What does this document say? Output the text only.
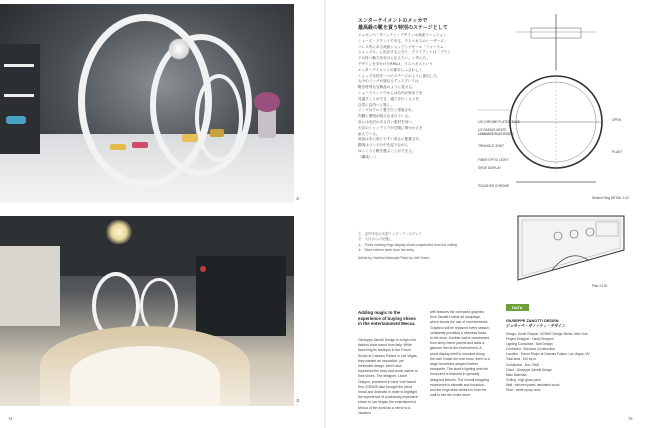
①
②
74
エンターテイメントのメッカで
最高級の靴を買う特別のステージとして
ジュゼッペ・ザノッティ・デザインは高級ファッション
シューズ・ブランドである。ラスベガスのシーザーズ・
パレス内にある高級ショッピングモール「フォーラム
ショップス」に出店するに当り、クライアントは「ブラン
ドの持つ魅力を存分に伝えたい」と考えた。
デザインを手がけたRPAは、ラスベガスという
エンターテイメントの都市にふさわしく、
ショップ全体を一つのステージのように演出した。
大小のリングが連なるディスプレイは、
靴を特別な宝飾品のように見せる。
ショーウインドウからは店内の奥までを
見通すことができ、通りを行く人々を
自然に店内へと導く。
リングはアルミ製で白く塗装され、
内側に照明が組み込まれている。
床には光沢のある白い素材を用い、
天井のシャンデリアが空間に華やかさを
添えている。
商品は手に取りやすい高さに配置され、
顧客はリングの中を巡りながら
ゆっくりと靴を選ぶことができる。
（構成/ ...）
①　店内中央の大型リング・ディスプレイ
②　入口からの見通し
①　Three rotating rings display shoes suspended from the ceiling.
②　Store interior seen from the entry.
Article by Yoshiko Matsuda Photo by Jeff Green
Adding magic to the experience of buying shoes in the entertainment Mecca
Giuseppe Zanotti Design is a high-end fashion shoe brand from Italy. While launching its boutique in the Forum Shops at Caesars Palace in Las Vegas, they wanted an innovative, yet minimalist design, which also expresses the sexy and iconic nature of their shoes. The designer, Lionel Ohayon, prominent in New York based firm, ICRAVE also brought the piece broad and dramatic in order to highlight the experience of purchasing expensive shoes in Las Vegas, the entertainment Mecca of the world as a mirror to a vacation.
well features the oversized graphics from Zanotti's latest ad campaign, which shows the use of mod elements. Graphics will be replaced every season, constantly providing a newness factor to the store. Another wall is constructed from shiny mirror panels and adds a glamour feel to the environment. A wood display shelf is mounted along the wall. Inside the rear room, there is a large horseshoe-shaped leather banquette. The store's lighting sets the mood and is featured in specially designed fixtures. The overall shopping experience is intimate and luxurious, and the rings draw visitors in from the mall to see the entire store.
1/8 CHROME PLATED TUBE
1/2 RADIUS WHITE LAMINATE FLAT STOCK
TRIANGLE JOINT
FIBER OPTIC LIGHT
SHOE DISPLAY
POLISHED CHROME
PLANT
OPEN
Section Ring DETAIL 1:20
Plan 1:100
DATA
GIUSEPPE ZANOTTI DESIGN
ジュゼッペ・ザノッティ・デザイン
Design: Lionel Ohayon, ICRAVE Design Studio, New York
Project Designer : David Simpson
Lighting Consultant : Bart Design
Contractor : Bonanza Construction
Location : Forum Shops at Caesars Palace, Las Vegas, NV
Total area : 140 sq.m
Completion : Nov. 2006
Client : Giuseppe Zanotti Design
Main Materials
Ceiling : high gloss paint
Wall : mirrored panel, laminated wood
Floor : white epoxy resin
75
